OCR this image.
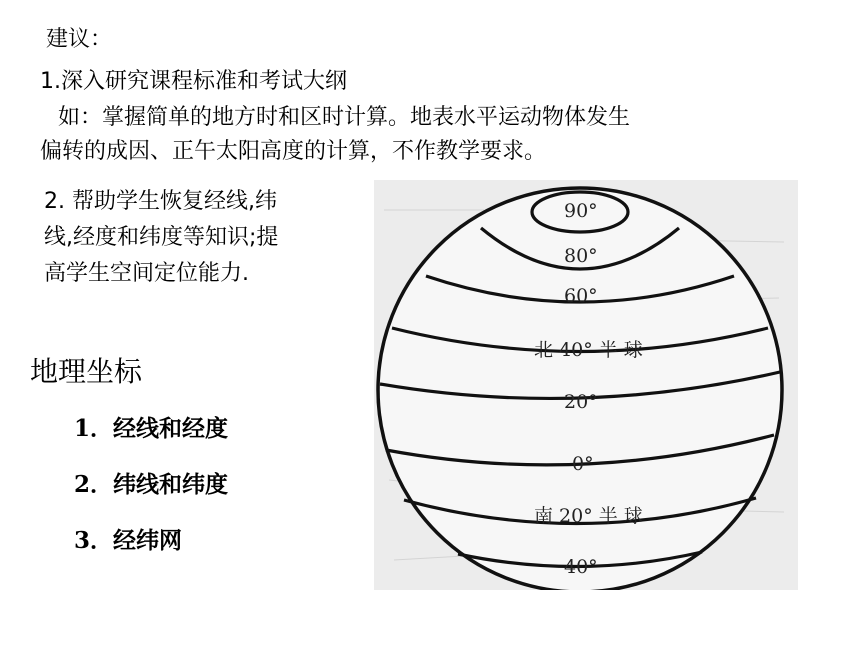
建议：
1.深入研究课程标准和考试大纲
如：掌握简单的地方时和区时计算。地表水平运动物体发生
偏转的成因、正午太阳高度的计算，不作教学要求。
2. 帮助学生恢复经线,纬
线,经度和纬度等知识;提
高学生空间定位能力.
地理坐标
1．经线和经度
2．纬线和纬度
3．经纬网
90°
80°
60°
北 40° 半 球
20°
0°
南 20° 半 球
40°
